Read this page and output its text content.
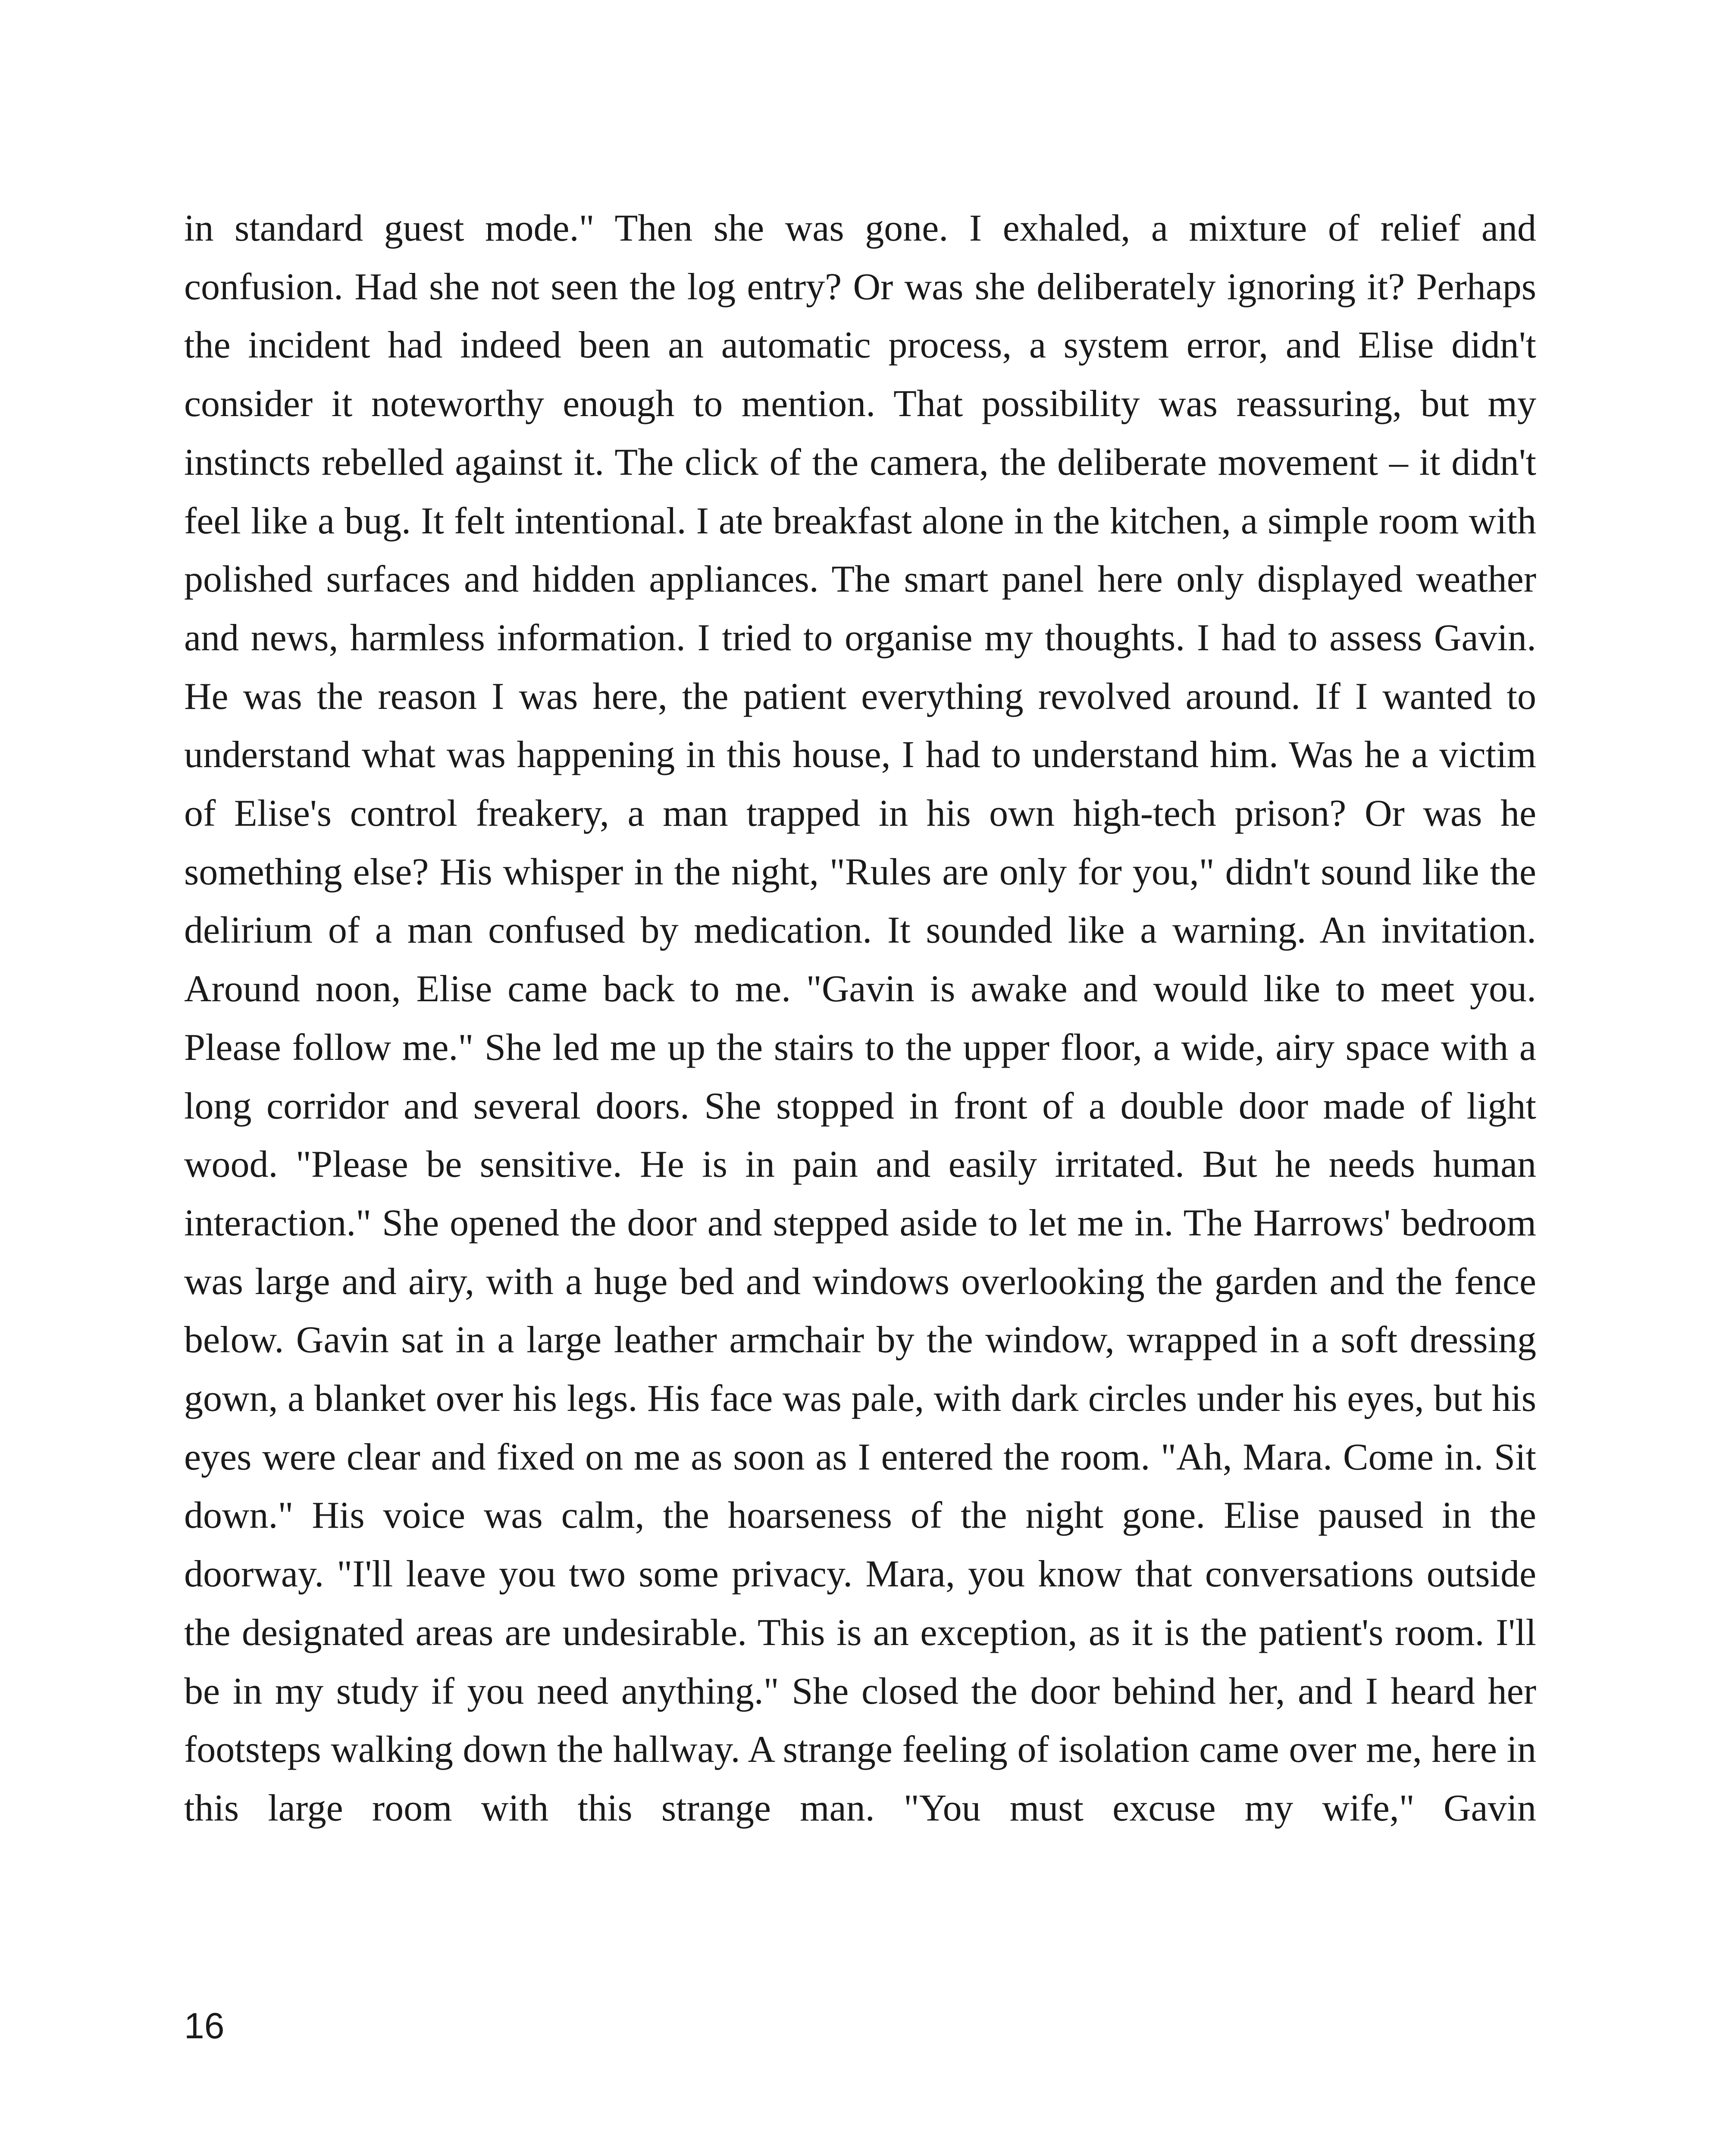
in standard guest mode." Then she was gone. I exhaled, a mixture of relief and confusion. Had she not seen the log entry? Or was she deliberately ignoring it? Perhaps the incident had indeed been an automatic process, a system error, and Elise didn't consider it noteworthy enough to mention. That possibility was reassuring, but my instincts rebelled against it. The click of the camera, the deliberate movement – it didn't feel like a bug. It felt intentional. I ate breakfast alone in the kitchen, a simple room with polished surfaces and hidden appliances. The smart panel here only displayed weather and news, harmless information. I tried to organise my thoughts. I had to assess Gavin. He was the reason I was here, the patient everything revolved around. If I wanted to understand what was happening in this house, I had to understand him. Was he a victim of Elise's control freakery, a man trapped in his own high-tech prison? Or was he something else? His whisper in the night, "Rules are only for you," didn't sound like the delirium of a man confused by medication. It sounded like a warning. An invitation. Around noon, Elise came back to me. "Gavin is awake and would like to meet you. Please follow me." She led me up the stairs to the upper floor, a wide, airy space with a long corridor and several doors. She stopped in front of a double door made of light wood. "Please be sensitive. He is in pain and easily irritated. But he needs human interaction." She opened the door and stepped aside to let me in. The Harrows' bedroom was large and airy, with a huge bed and windows overlooking the garden and the fence below. Gavin sat in a large leather armchair by the window, wrapped in a soft dressing gown, a blanket over his legs. His face was pale, with dark circles under his eyes, but his eyes were clear and fixed on me as soon as I entered the room. "Ah, Mara. Come in. Sit down." His voice was calm, the hoarseness of the night gone. Elise paused in the doorway. "I'll leave you two some privacy. Mara, you know that conversations outside the designated areas are undesirable. This is an exception, as it is the patient's room. I'll be in my study if you need anything." She closed the door behind her, and I heard her footsteps walking down the hallway. A strange feeling of isolation came over me, here in this large room with this strange man. "You must excuse my wife," Gavin

16
